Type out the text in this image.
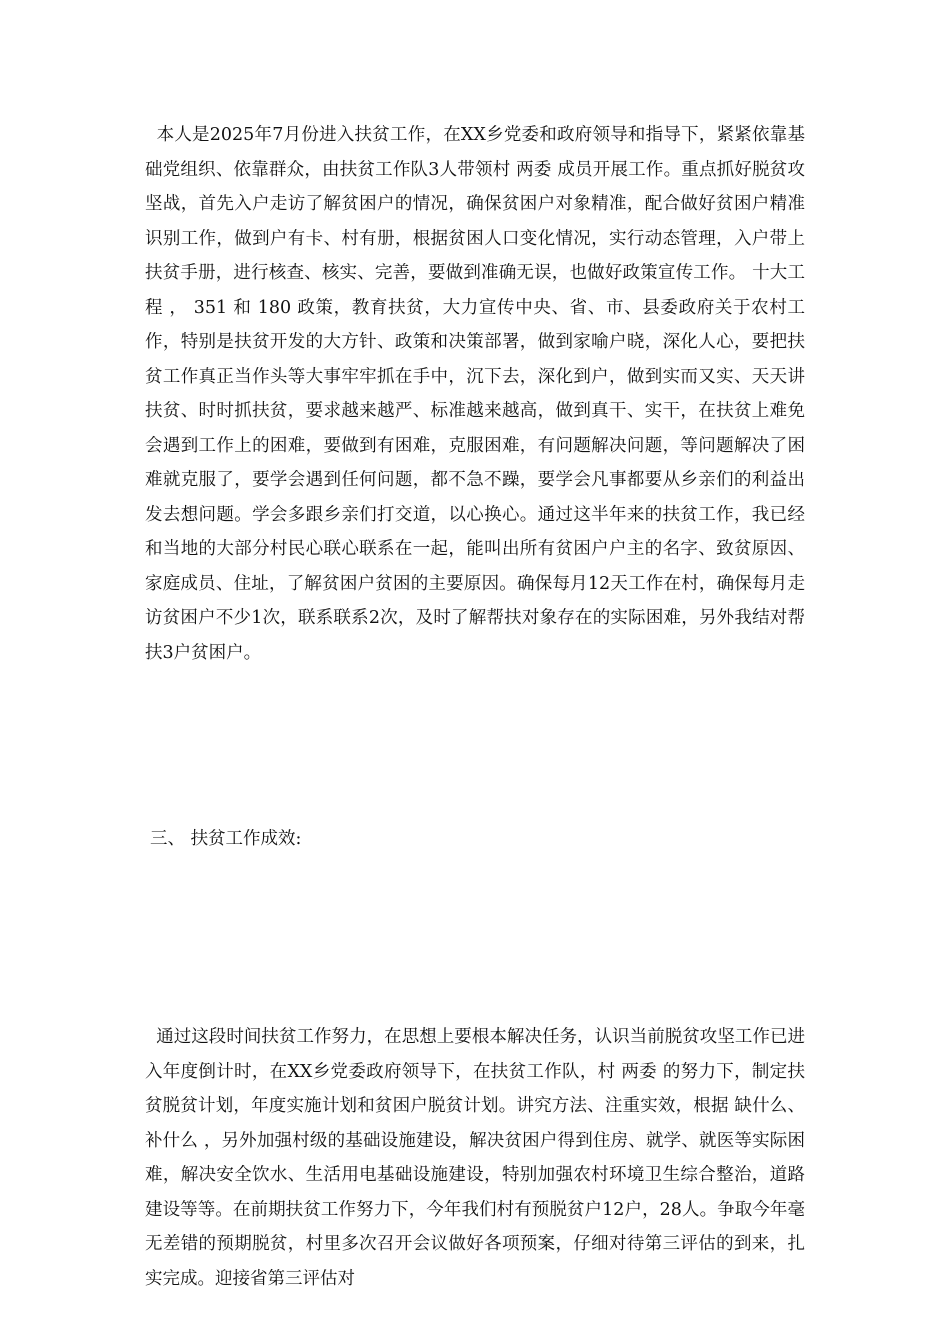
本人是2025年7月份进入扶贫工作，在XX乡党委和政府领导和指导下，紧紧依靠基础党组织、依靠群众，由扶贫工作队3人带领村 两委 成员开展工作。重点抓好脱贫攻坚战，首先入户走访了解贫困户的情况，确保贫困户对象精准，配合做好贫困户精准识别工作，做到户有卡、村有册，根据贫困人口变化情况，实行动态管理，入户带上扶贫手册，进行核查、核实、完善，要做到准确无误，也做好政策宣传工作。 十大工程 ， 351 和 180 政策，教育扶贫，大力宣传中央、省、市、县委政府关于农村工作，特别是扶贫开发的大方针、政策和决策部署，做到家喻户晓，深化人心，要把扶贫工作真正当作头等大事牢牢抓在手中，沉下去，深化到户，做到实而又实、天天讲扶贫、时时抓扶贫，要求越来越严、标准越来越高，做到真干、实干，在扶贫上难免会遇到工作上的困难，要做到有困难，克服困难，有问题解决问题，等问题解决了困难就克服了，要学会遇到任何问题，都不急不躁，要学会凡事都要从乡亲们的利益出发去想问题。学会多跟乡亲们打交道，以心换心。通过这半年来的扶贫工作，我已经和当地的大部分村民心联心联系在一起，能叫出所有贫困户户主的名字、致贫原因、家庭成员、住址，了解贫困户贫困的主要原因。确保每月12天工作在村，确保每月走访贫困户不少1次，联系联系2次，及时了解帮扶对象存在的实际困难，另外我结对帮扶3户贫困户。

三、 扶贫工作成效:

通过这段时间扶贫工作努力，在思想上要根本解决任务，认识当前脱贫攻坚工作已进入年度倒计时，在XX乡党委政府领导下，在扶贫工作队，村 两委 的努力下，制定扶贫脱贫计划，年度实施计划和贫困户脱贫计划。讲究方法、注重实效，根据 缺什么、补什么 ，另外加强村级的基础设施建设，解决贫困户得到住房、就学、就医等实际困难，解决安全饮水、生活用电基础设施建设，特别加强农村环境卫生综合整治，道路建设等等。在前期扶贫工作努力下，今年我们村有预脱贫户12户，28人。争取今年毫无差错的预期脱贫，村里多次召开会议做好各项预案，仔细对待第三评估的到来，扎实完成。迎接省第三评估对
